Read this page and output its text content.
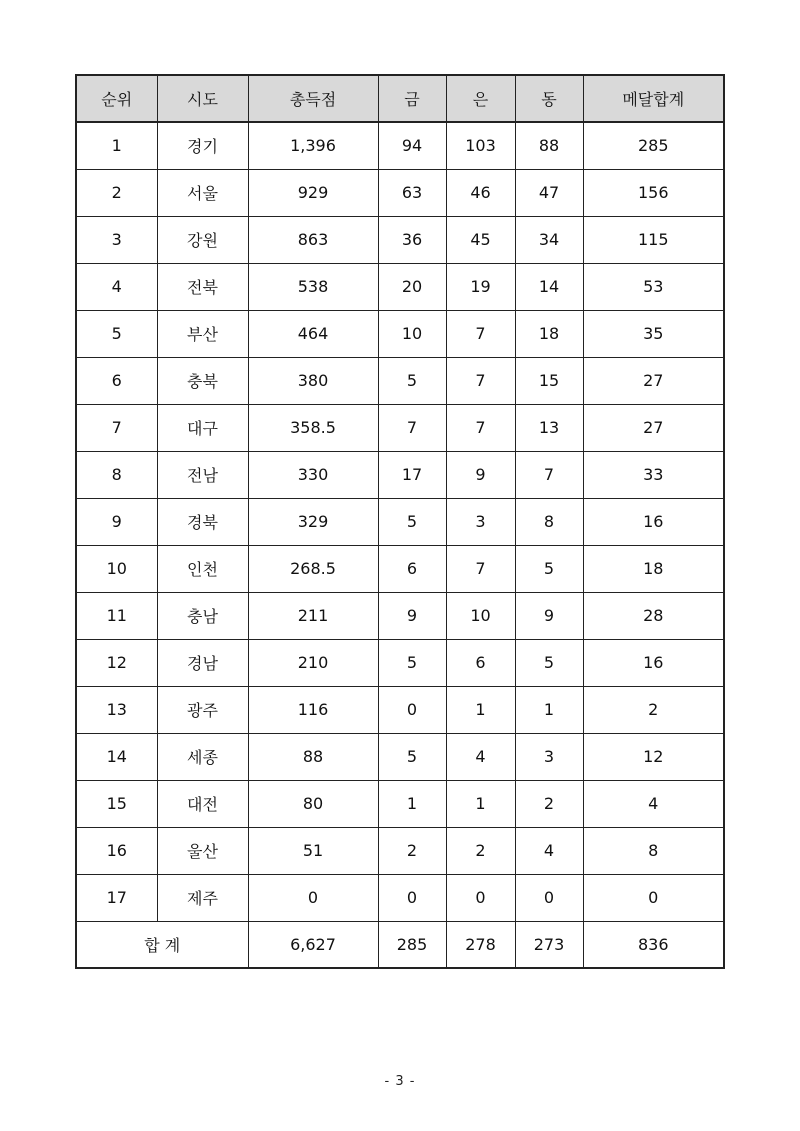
순위	시도	총득점	금	은	동	메달합계
1	경기	1,396	94	103	88	285
2	서울	929	63	46	47	156
3	강원	863	36	45	34	115
4	전북	538	20	19	14	53
5	부산	464	10	7	18	35
6	충북	380	5	7	15	27
7	대구	358.5	7	7	13	27
8	전남	330	17	9	7	33
9	경북	329	5	3	8	16
10	인천	268.5	6	7	5	18
11	충남	211	9	10	9	28
12	경남	210	5	6	5	16
13	광주	116	0	1	1	2
14	세종	88	5	4	3	12
15	대전	80	1	1	2	4
16	울산	51	2	2	4	8
17	제주	0	0	0	0	0
합 계		6,627	285	278	273	836
- 3 -
